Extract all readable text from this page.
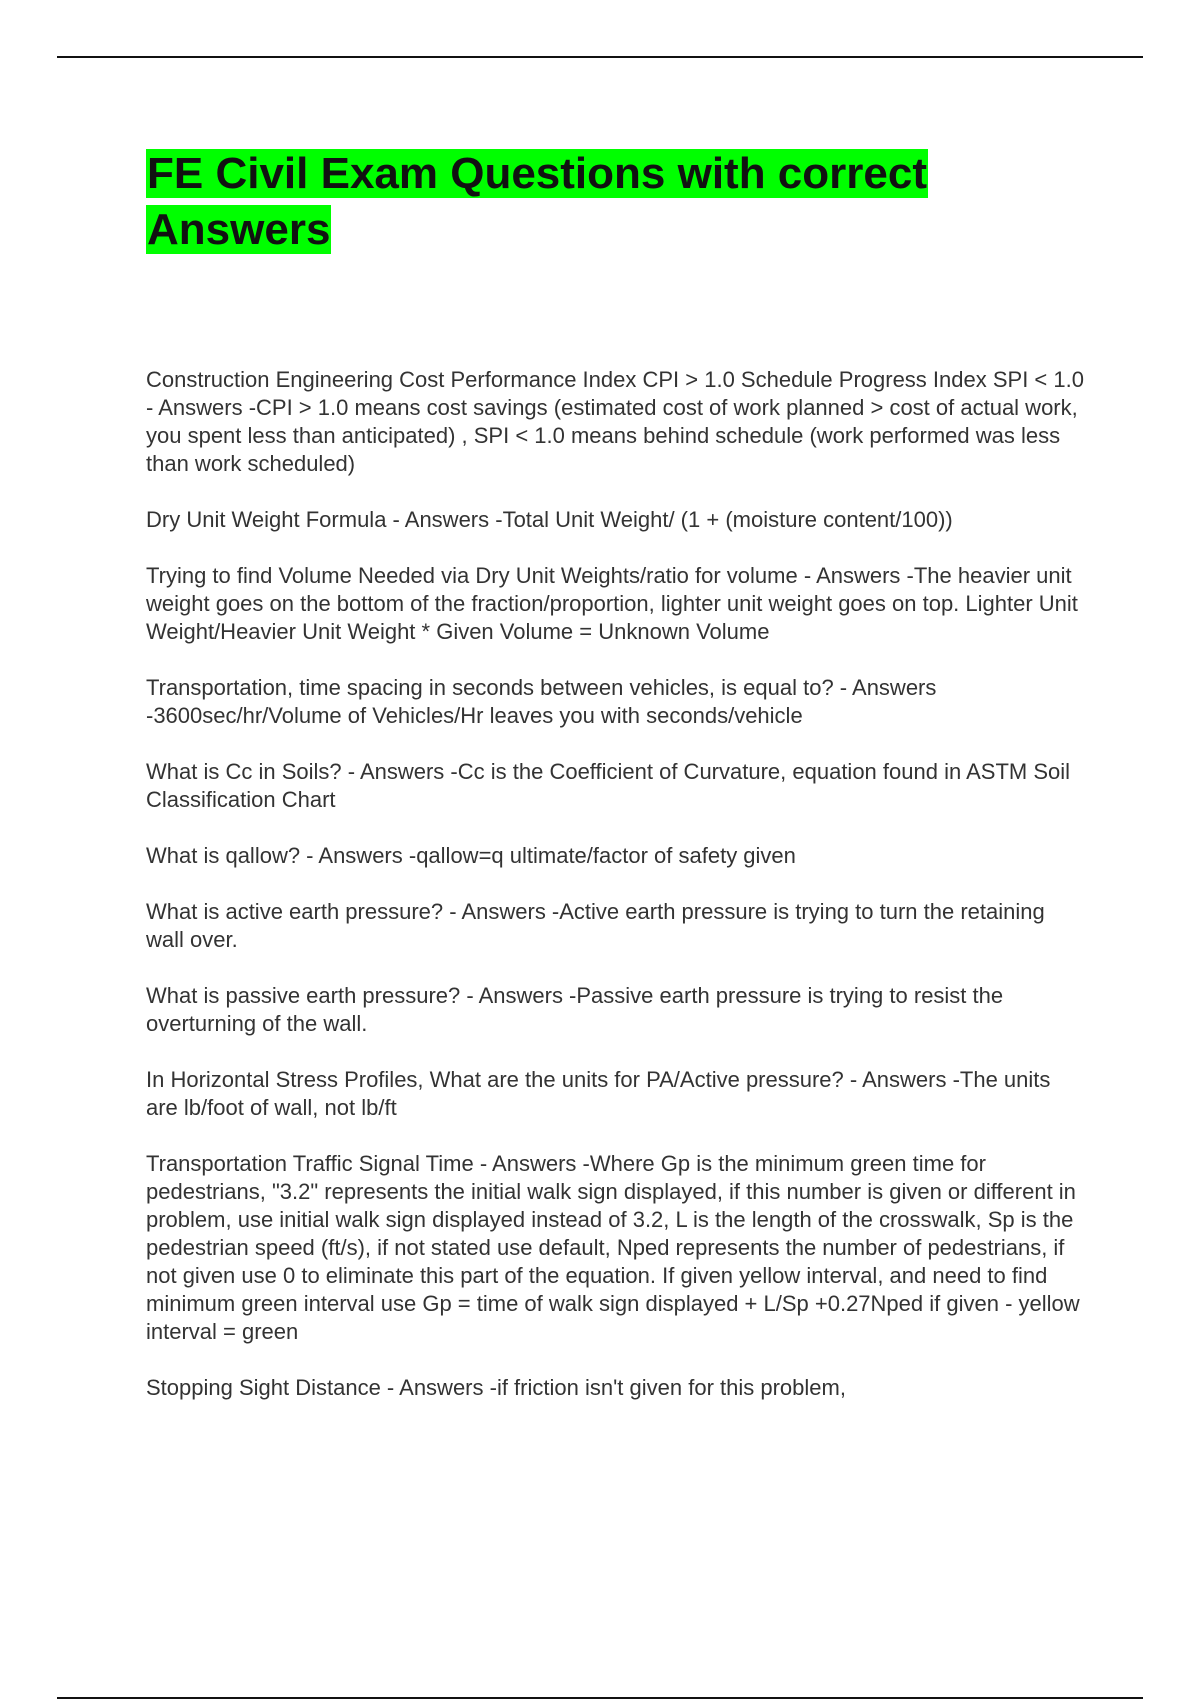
FE Civil Exam Questions with correct Answers

Construction Engineering Cost Performance Index CPI > 1.0 Schedule Progress Index SPI < 1.0 - Answers -CPI > 1.0 means cost savings (estimated cost of work planned > cost of actual work, you spent less than anticipated) , SPI < 1.0 means behind schedule (work performed was less than work scheduled)

Dry Unit Weight Formula - Answers -Total Unit Weight/ (1 + (moisture content/100))

Trying to find Volume Needed via Dry Unit Weights/ratio for volume - Answers -The heavier unit weight goes on the bottom of the fraction/proportion, lighter unit weight goes on top. Lighter Unit Weight/Heavier Unit Weight * Given Volume = Unknown Volume

Transportation, time spacing in seconds between vehicles, is equal to? - Answers -3600sec/hr/Volume of Vehicles/Hr leaves you with seconds/vehicle

What is Cc in Soils? - Answers -Cc is the Coefficient of Curvature, equation found in ASTM Soil Classification Chart

What is qallow? - Answers -qallow=q ultimate/factor of safety given

What is active earth pressure? - Answers -Active earth pressure is trying to turn the retaining wall over.

What is passive earth pressure? - Answers -Passive earth pressure is trying to resist the overturning of the wall.

In Horizontal Stress Profiles, What are the units for PA/Active pressure? - Answers -The units are lb/foot of wall, not lb/ft

Transportation Traffic Signal Time - Answers -Where Gp is the minimum green time for pedestrians, "3.2" represents the initial walk sign displayed, if this number is given or different in problem, use initial walk sign displayed instead of 3.2, L is the length of the crosswalk, Sp is the pedestrian speed (ft/s), if not stated use default, Nped represents the number of pedestrians, if not given use 0 to eliminate this part of the equation. If given yellow interval, and need to find minimum green interval use Gp = time of walk sign displayed + L/Sp +0.27Nped if given - yellow interval = green

Stopping Sight Distance - Answers -if friction isn't given for this problem,
